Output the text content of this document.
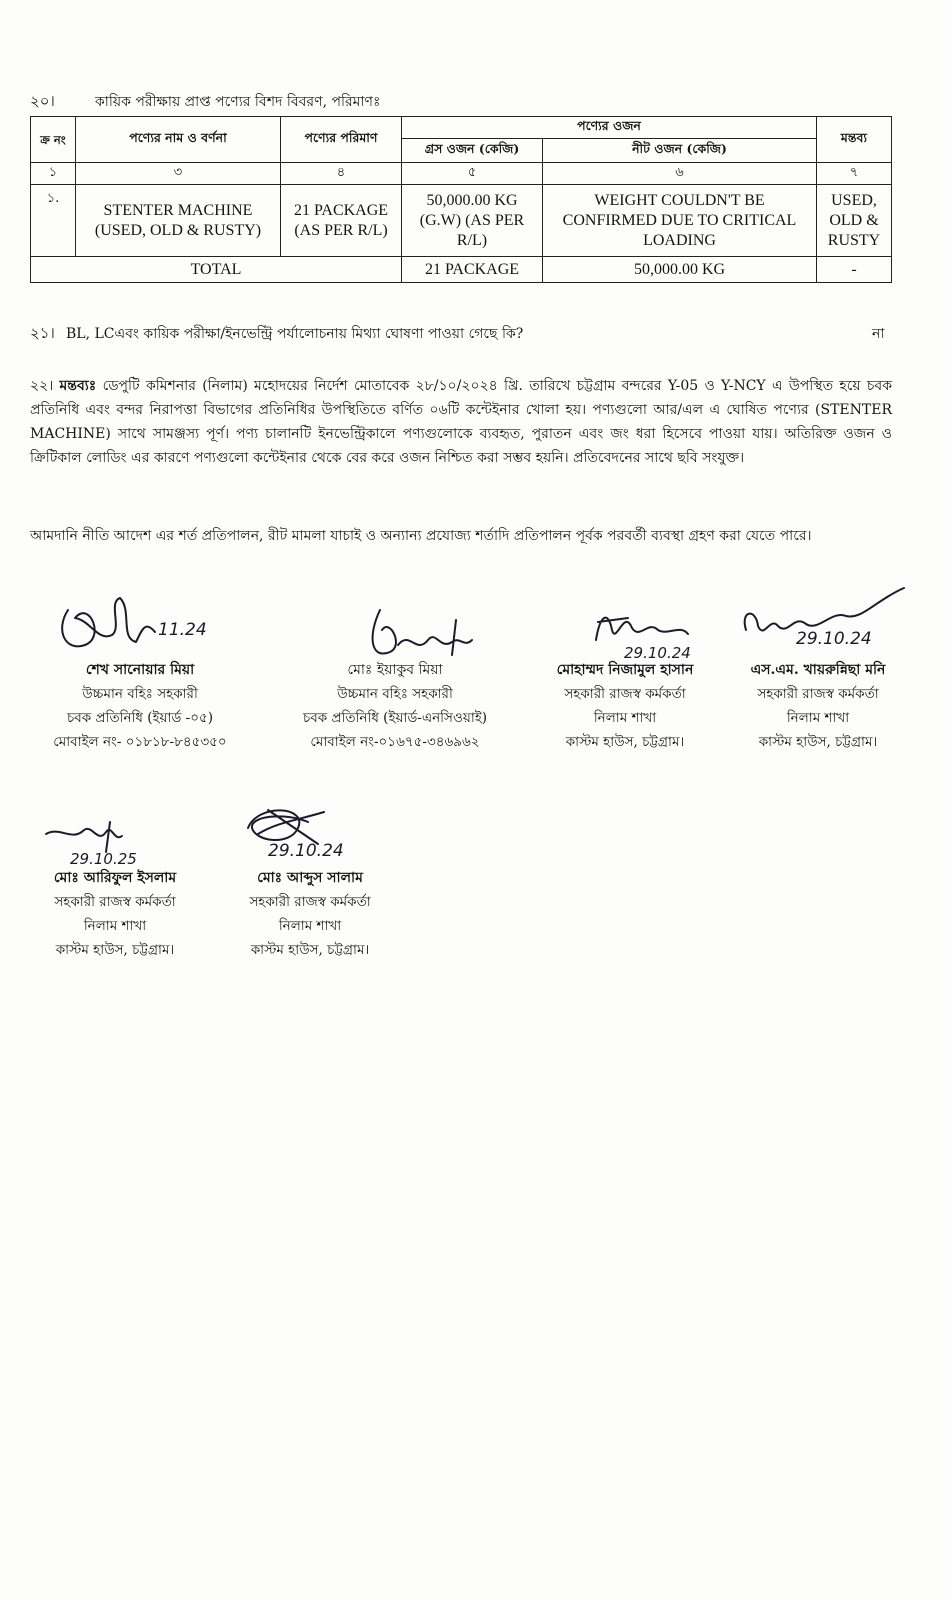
২০।	কায়িক পরীক্ষায় প্রাপ্ত পণ্যের বিশদ বিবরণ, পরিমাণঃ
ক্র নং	পণ্যের নাম ও বর্ণনা	পণ্যের পরিমাণ	পণ্যের ওজন		মন্তব্য
			গ্রস ওজন (কেজি)	নীট ওজন (কেজি)	
১	৩	৪	৫	৬	৭
১.	STENTER MACHINE (USED, OLD & RUSTY)	21 PACKAGE (AS PER R/L)	50,000.00 KG (G.W) (AS PER R/L)	WEIGHT COULDN'T BE CONFIRMED DUE TO CRITICAL LOADING	USED, OLD & RUSTY
TOTAL			21 PACKAGE	50,000.00 KG	-
২১। BL, LCএবং কায়িক পরীক্ষা/ইনভেন্ট্রি পর্যালোচনায় মিথ্যা ঘোষণা পাওয়া গেছে কি?	না
২২। মন্তব্যঃ ডেপুটি কমিশনার (নিলাম) মহোদয়ের নির্দেশ মোতাবেক ২৮/১০/২০২৪ খ্রি. তারিখে চট্টগ্রাম বন্দরের Y-05 ও Y-NCY এ উপস্থিত হয়ে চবক প্রতিনিধি এবং বন্দর নিরাপত্তা বিভাগের প্রতিনিধির উপস্থিতিতে বর্ণিত ০৬টি কন্টেইনার খোলা হয়। পণ্যগুলো আর/এল এ ঘোষিত পণ্যের (STENTER MACHINE) সাথে সামঞ্জস্য পূর্ণ। পণ্য চালানটি ইনভেন্ট্রিকালে পণ্যগুলোকে ব্যবহৃত, পুরাতন এবং জং ধরা হিসেবে পাওয়া যায়। অতিরিক্ত ওজন ও ক্রিটিকাল লোডিং এর কারণে পণ্যগুলো কন্টেইনার থেকে বের করে ওজন নিশ্চিত করা সম্ভব হয়নি। প্রতিবেদনের সাথে ছবি সংযুক্ত।
আমদানি নীতি আদেশ এর শর্ত প্রতিপালন, রীট মামলা যাচাই ও অন্যান্য প্রযোজ্য শর্তাদি প্রতিপালন পূর্বক পরবর্তী ব্যবস্থা গ্রহণ করা যেতে পারে।
11.24
29.10.24
29.10.24
29.10.25	29.10.24
শেখ সানোয়ার মিয়া
উচ্চমান বহিঃ সহকারী
চবক প্রতিনিধি (ইয়ার্ড -০৫)
মোবাইল নং- ০১৮১৮-৮৪৫৩৫০
মোঃ ইয়াকুব মিয়া
উচ্চমান বহিঃ সহকারী
চবক প্রতিনিধি (ইয়ার্ড-এনসিওয়াই)
মোবাইল নং-০১৬৭৫-৩৪৬৯৬২
মোহাম্মদ নিজামুল হাসান
সহকারী রাজস্ব কর্মকর্তা
নিলাম শাখা
কাস্টম হাউস, চট্টগ্রাম।
এস.এম. খায়রুন্নিছা মনি
সহকারী রাজস্ব কর্মকর্তা
নিলাম শাখা
কাস্টম হাউস, চট্টগ্রাম।
মোঃ আরিফুল ইসলাম
সহকারী রাজস্ব কর্মকর্তা
নিলাম শাখা
কাস্টম হাউস, চট্টগ্রাম।
মোঃ আব্দুস সালাম
সহকারী রাজস্ব কর্মকর্তা
নিলাম শাখা
কাস্টম হাউস, চট্টগ্রাম।
